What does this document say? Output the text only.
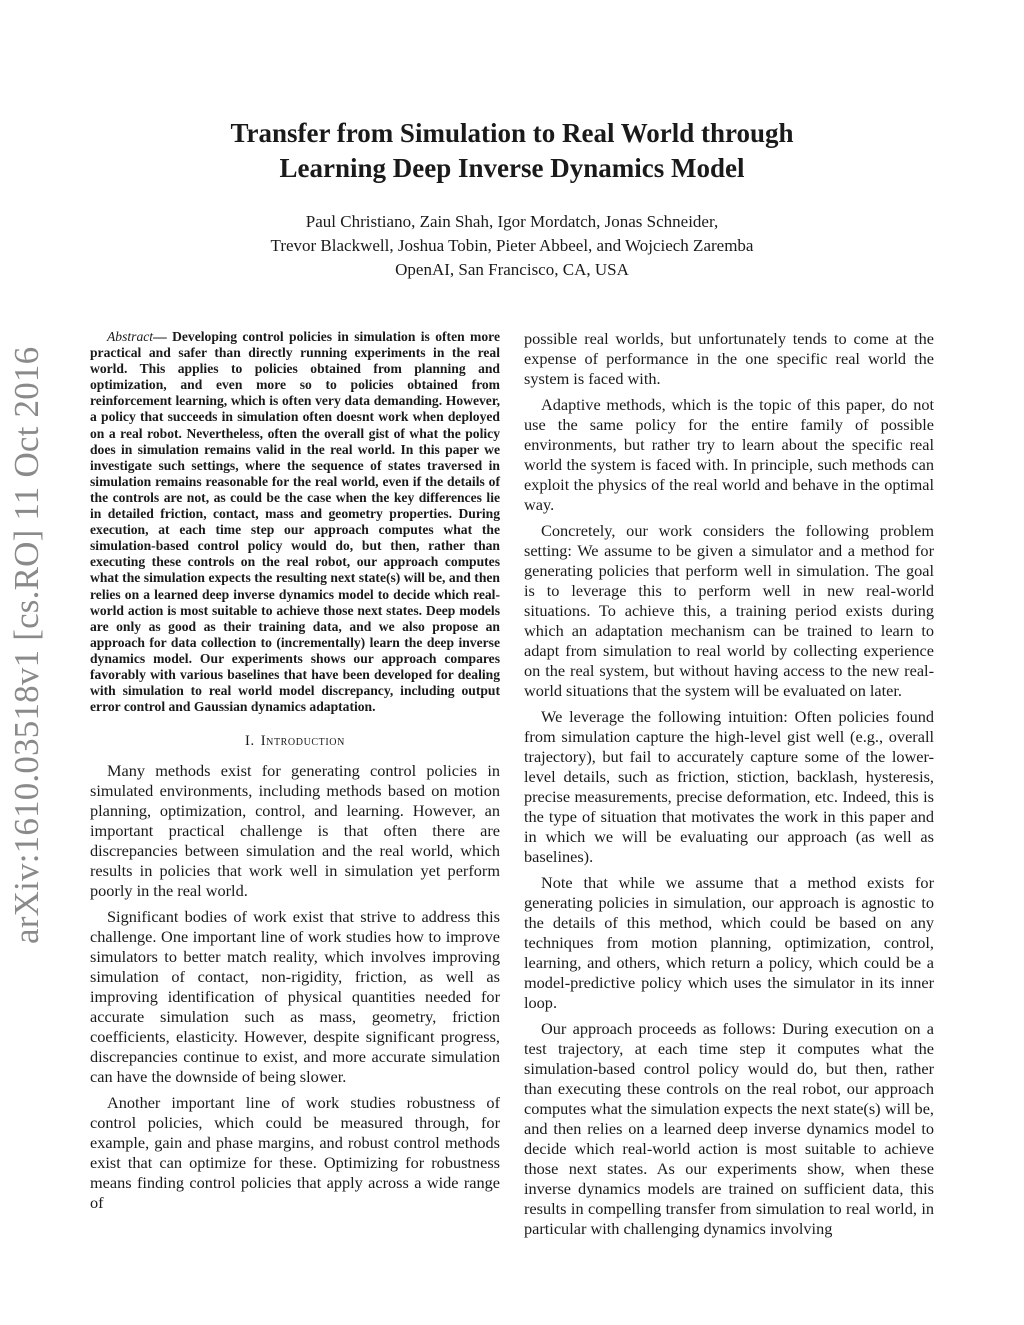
arXiv:1610.03518v1 [cs.RO] 11 Oct 2016
Transfer from Simulation to Real World through
Learning Deep Inverse Dynamics Model
Paul Christiano, Zain Shah, Igor Mordatch, Jonas Schneider,
Trevor Blackwell, Joshua Tobin, Pieter Abbeel, and Wojciech Zaremba
OpenAI, San Francisco, CA, USA

Abstract— Developing control policies in simulation is often more practical and safer than directly running experiments in the real world. This applies to policies obtained from planning and optimization, and even more so to policies obtained from reinforcement learning, which is often very data demanding. However, a policy that succeeds in simulation often doesnt work when deployed on a real robot. Nevertheless, often the overall gist of what the policy does in simulation remains valid in the real world. In this paper we investigate such settings, where the sequence of states traversed in simulation remains reasonable for the real world, even if the details of the controls are not, as could be the case when the key differences lie in detailed friction, contact, mass and geometry properties. During execution, at each time step our approach computes what the simulation-based control policy would do, but then, rather than executing these controls on the real robot, our approach computes what the simulation expects the resulting next state(s) will be, and then relies on a learned deep inverse dynamics model to decide which real-world action is most suitable to achieve those next states. Deep models are only as good as their training data, and we also propose an approach for data collection to (incrementally) learn the deep inverse dynamics model. Our experiments shows our approach compares favorably with various baselines that have been developed for dealing with simulation to real world model discrepancy, including output error control and Gaussian dynamics adaptation.

I. Introduction

Many methods exist for generating control policies in simulated environments, including methods based on motion planning, optimization, control, and learning. However, an important practical challenge is that often there are discrepancies between simulation and the real world, which results in policies that work well in simulation yet perform poorly in the real world.

Significant bodies of work exist that strive to address this challenge. One important line of work studies how to improve simulators to better match reality, which involves improving simulation of contact, non-rigidity, friction, as well as improving identification of physical quantities needed for accurate simulation such as mass, geometry, friction coefficients, elasticity. However, despite significant progress, discrepancies continue to exist, and more accurate simulation can have the downside of being slower.

Another important line of work studies robustness of control policies, which could be measured through, for example, gain and phase margins, and robust control methods exist that can optimize for these. Optimizing for robustness means finding control policies that apply across a wide range of

possible real worlds, but unfortunately tends to come at the expense of performance in the one specific real world the system is faced with.

Adaptive methods, which is the topic of this paper, do not use the same policy for the entire family of possible environments, but rather try to learn about the specific real world the system is faced with. In principle, such methods can exploit the physics of the real world and behave in the optimal way.

Concretely, our work considers the following problem setting: We assume to be given a simulator and a method for generating policies that perform well in simulation. The goal is to leverage this to perform well in new real-world situations. To achieve this, a training period exists during which an adaptation mechanism can be trained to learn to adapt from simulation to real world by collecting experience on the real system, but without having access to the new real-world situations that the system will be evaluated on later.

We leverage the following intuition: Often policies found from simulation capture the high-level gist well (e.g., overall trajectory), but fail to accurately capture some of the lower-level details, such as friction, stiction, backlash, hysteresis, precise measurements, precise deformation, etc. Indeed, this is the type of situation that motivates the work in this paper and in which we will be evaluating our approach (as well as baselines).

Note that while we assume that a method exists for generating policies in simulation, our approach is agnostic to the details of this method, which could be based on any techniques from motion planning, optimization, control, learning, and others, which return a policy, which could be a model-predictive policy which uses the simulator in its inner loop.

Our approach proceeds as follows: During execution on a test trajectory, at each time step it computes what the simulation-based control policy would do, but then, rather than executing these controls on the real robot, our approach computes what the simulation expects the next state(s) will be, and then relies on a learned deep inverse dynamics model to decide which real-world action is most suitable to achieve those next states. As our experiments show, when these inverse dynamics models are trained on sufficient data, this results in compelling transfer from simulation to real world, in particular with challenging dynamics involving
